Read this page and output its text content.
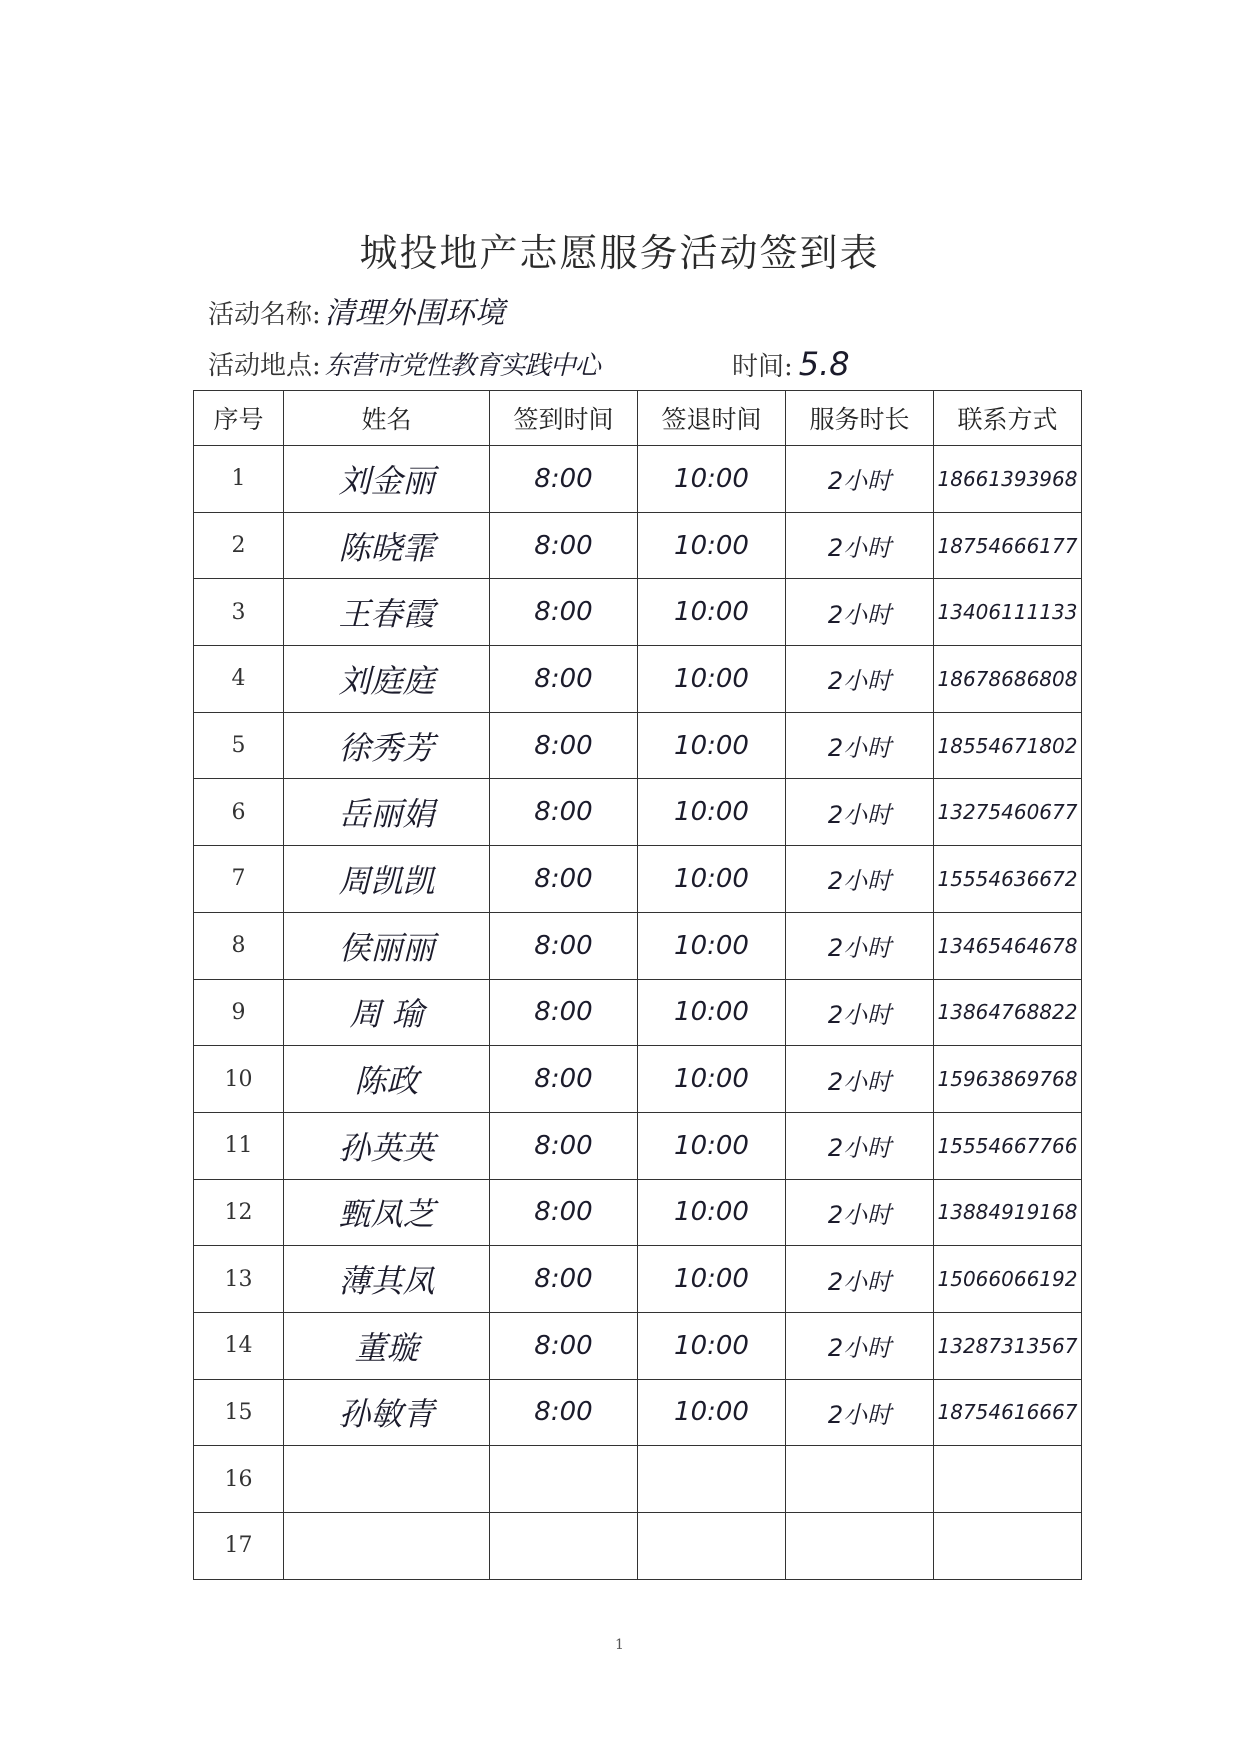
城投地产志愿服务活动签到表
活动名称: 清理外围环境
活动地点: 东营市党性教育实践中心	时间: 5.8
序号	姓名	签到时间	签退时间	服务时长	联系方式
1	刘金丽	8:00	10:00	2小时	18661393968
2	陈晓霏	8:00	10:00	2小时	18754666177
3	王春霞	8:00	10:00	2小时	13406111133
4	刘庭庭	8:00	10:00	2小时	18678686808
5	徐秀芳	8:00	10:00	2小时	18554671802
6	岳丽娟	8:00	10:00	2小时	13275460677
7	周凯凯	8:00	10:00	2小时	15554636672
8	侯丽丽	8:00	10:00	2小时	13465464678
9	周 瑜	8:00	10:00	2小时	13864768822
10	陈政	8:00	10:00	2小时	15963869768
11	孙英英	8:00	10:00	2小时	15554667766
12	甄凤芝	8:00	10:00	2小时	13884919168
13	薄其凤	8:00	10:00	2小时	15066066192
14	董璇	8:00	10:00	2小时	13287313567
15	孙敏青	8:00	10:00	2小时	18754616667
16					
17					
1
